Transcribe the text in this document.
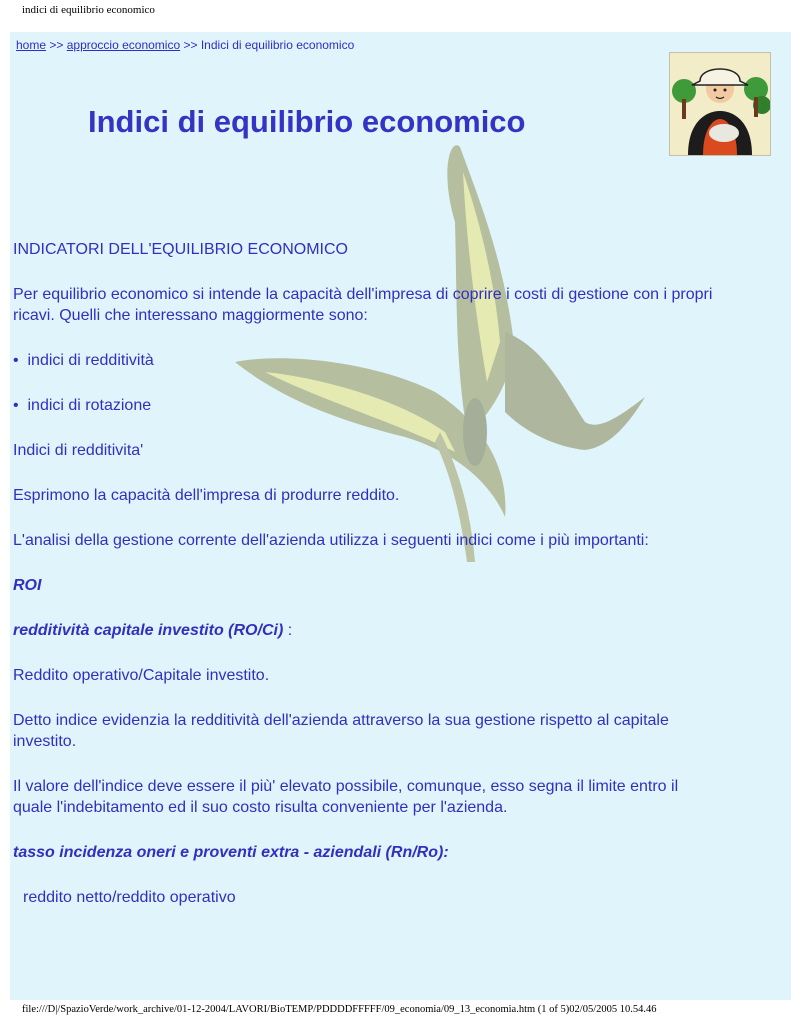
indici di equilibrio economico
home >> approccio economico >> Indici di equilibrio economico
Indici di equilibrio economico

INDICATORI DELL'EQUILIBRIO ECONOMICO

Per equilibrio economico si intende la capacità dell'impresa di coprire i costi di gestione con i propri ricavi. Quelli che interessano maggiormente sono:

• indici di redditività

• indici di rotazione

Indici di redditivita'

Esprimono la capacità dell'impresa di produrre reddito.

L'analisi della gestione corrente dell'azienda utilizza i seguenti indici come i più importanti:

ROI

redditività capitale investito (RO/Ci) :

Reddito operativo/Capitale investito.

Detto indice evidenzia la redditività dell'azienda attraverso la sua gestione rispetto al capitale investito.

Il valore dell'indice deve essere il più' elevato possibile, comunque, esso segna il limite entro il quale l'indebitamento ed il suo costo risulta conveniente per l'azienda.

tasso incidenza oneri e proventi extra - aziendali (Rn/Ro):

reddito netto/reddito operativo

file:///D|/SpazioVerde/work_archive/01-12-2004/LAVORI/BioTEMP/PDDDDFFFFF/09_economia/09_13_economia.htm (1 of 5)02/05/2005 10.54.46
